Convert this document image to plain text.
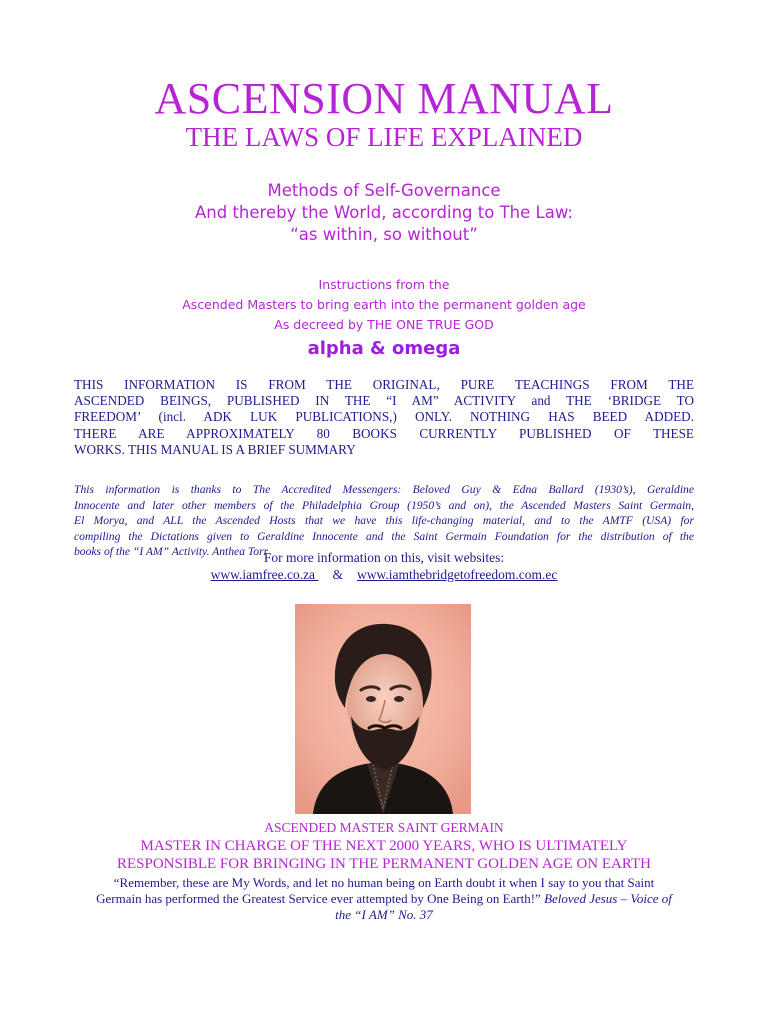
ASCENSION MANUAL
THE LAWS OF LIFE EXPLAINED
Methods of Self-Governance
And thereby the World, according to The Law:
“as within, so without”
Instructions from the
Ascended Masters to bring earth into the permanent golden age
As decreed by THE ONE TRUE GOD
alpha & omega
THIS INFORMATION IS FROM THE ORIGINAL, PURE TEACHINGS FROM THE
ASCENDED BEINGS, PUBLISHED IN THE “I AM” ACTIVITY and THE ‘BRIDGE TO
FREEDOM’ (incl. ADK LUK PUBLICATIONS,) ONLY. NOTHING HAS BEED ADDED.
THERE ARE APPROXIMATELY 80 BOOKS CURRENTLY PUBLISHED OF THESE
WORKS. THIS MANUAL IS A BRIEF SUMMARY
This information is thanks to The Accredited Messengers: Beloved Guy & Edna Ballard (1930’s), Geraldine
Innocente and later other members of the Philadelphia Group (1950’s and on), the Ascended Masters Saint Germain,
El Morya, and ALL the Ascended Hosts that we have this life-changing material, and to the AMTF (USA) for
compiling the Dictations given to Geraldine Innocente and the Saint Germain Foundation for the distribution of the
books of the “I AM” Activity. Anthea Torr
For more information on this, visit websites:
www.iamfree.co.za & www.iamthebridgetofreedom.com.ec
ASCENDED MASTER SAINT GERMAIN
MASTER IN CHARGE OF THE NEXT 2000 YEARS, WHO IS ULTIMATELY
RESPONSIBLE FOR BRINGING IN THE PERMANENT GOLDEN AGE ON EARTH
“Remember, these are My Words, and let no human being on Earth doubt it when I say to you that Saint
Germain has performed the Greatest Service ever attempted by One Being on Earth!” Beloved Jesus – Voice of
the “I AM” No. 37
